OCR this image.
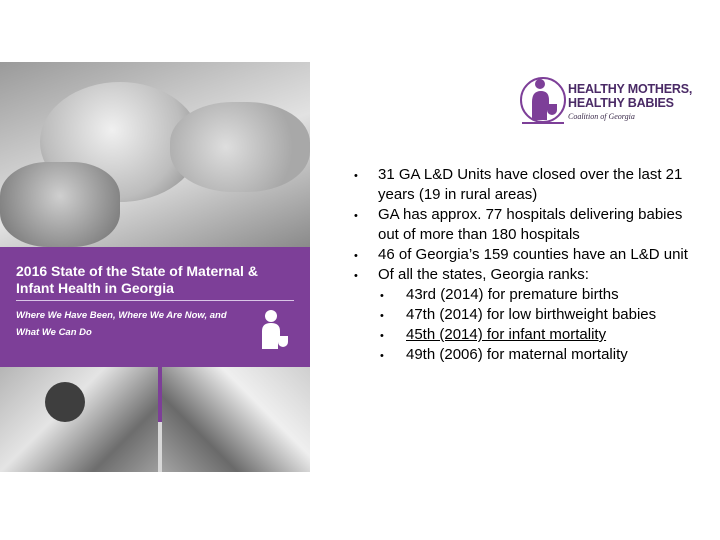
2016 State of the State of Maternal & Infant Health in Georgia
Where We Have Been, Where We Are Now, and What We Can Do
HEALTHY MOTHERS,
HEALTHY BABIES
Coalition of Georgia
• 31 GA L&D Units have closed over the last 21 years (19 in rural areas)
• GA has approx. 77 hospitals delivering babies out of more than 180 hospitals
• 46 of Georgia’s 159 counties have an L&D unit
• Of all the states, Georgia ranks:
• 43rd (2014) for premature births
• 47th (2014) for low birthweight babies
• 45th (2014) for infant mortality
• 49th (2006) for maternal mortality
